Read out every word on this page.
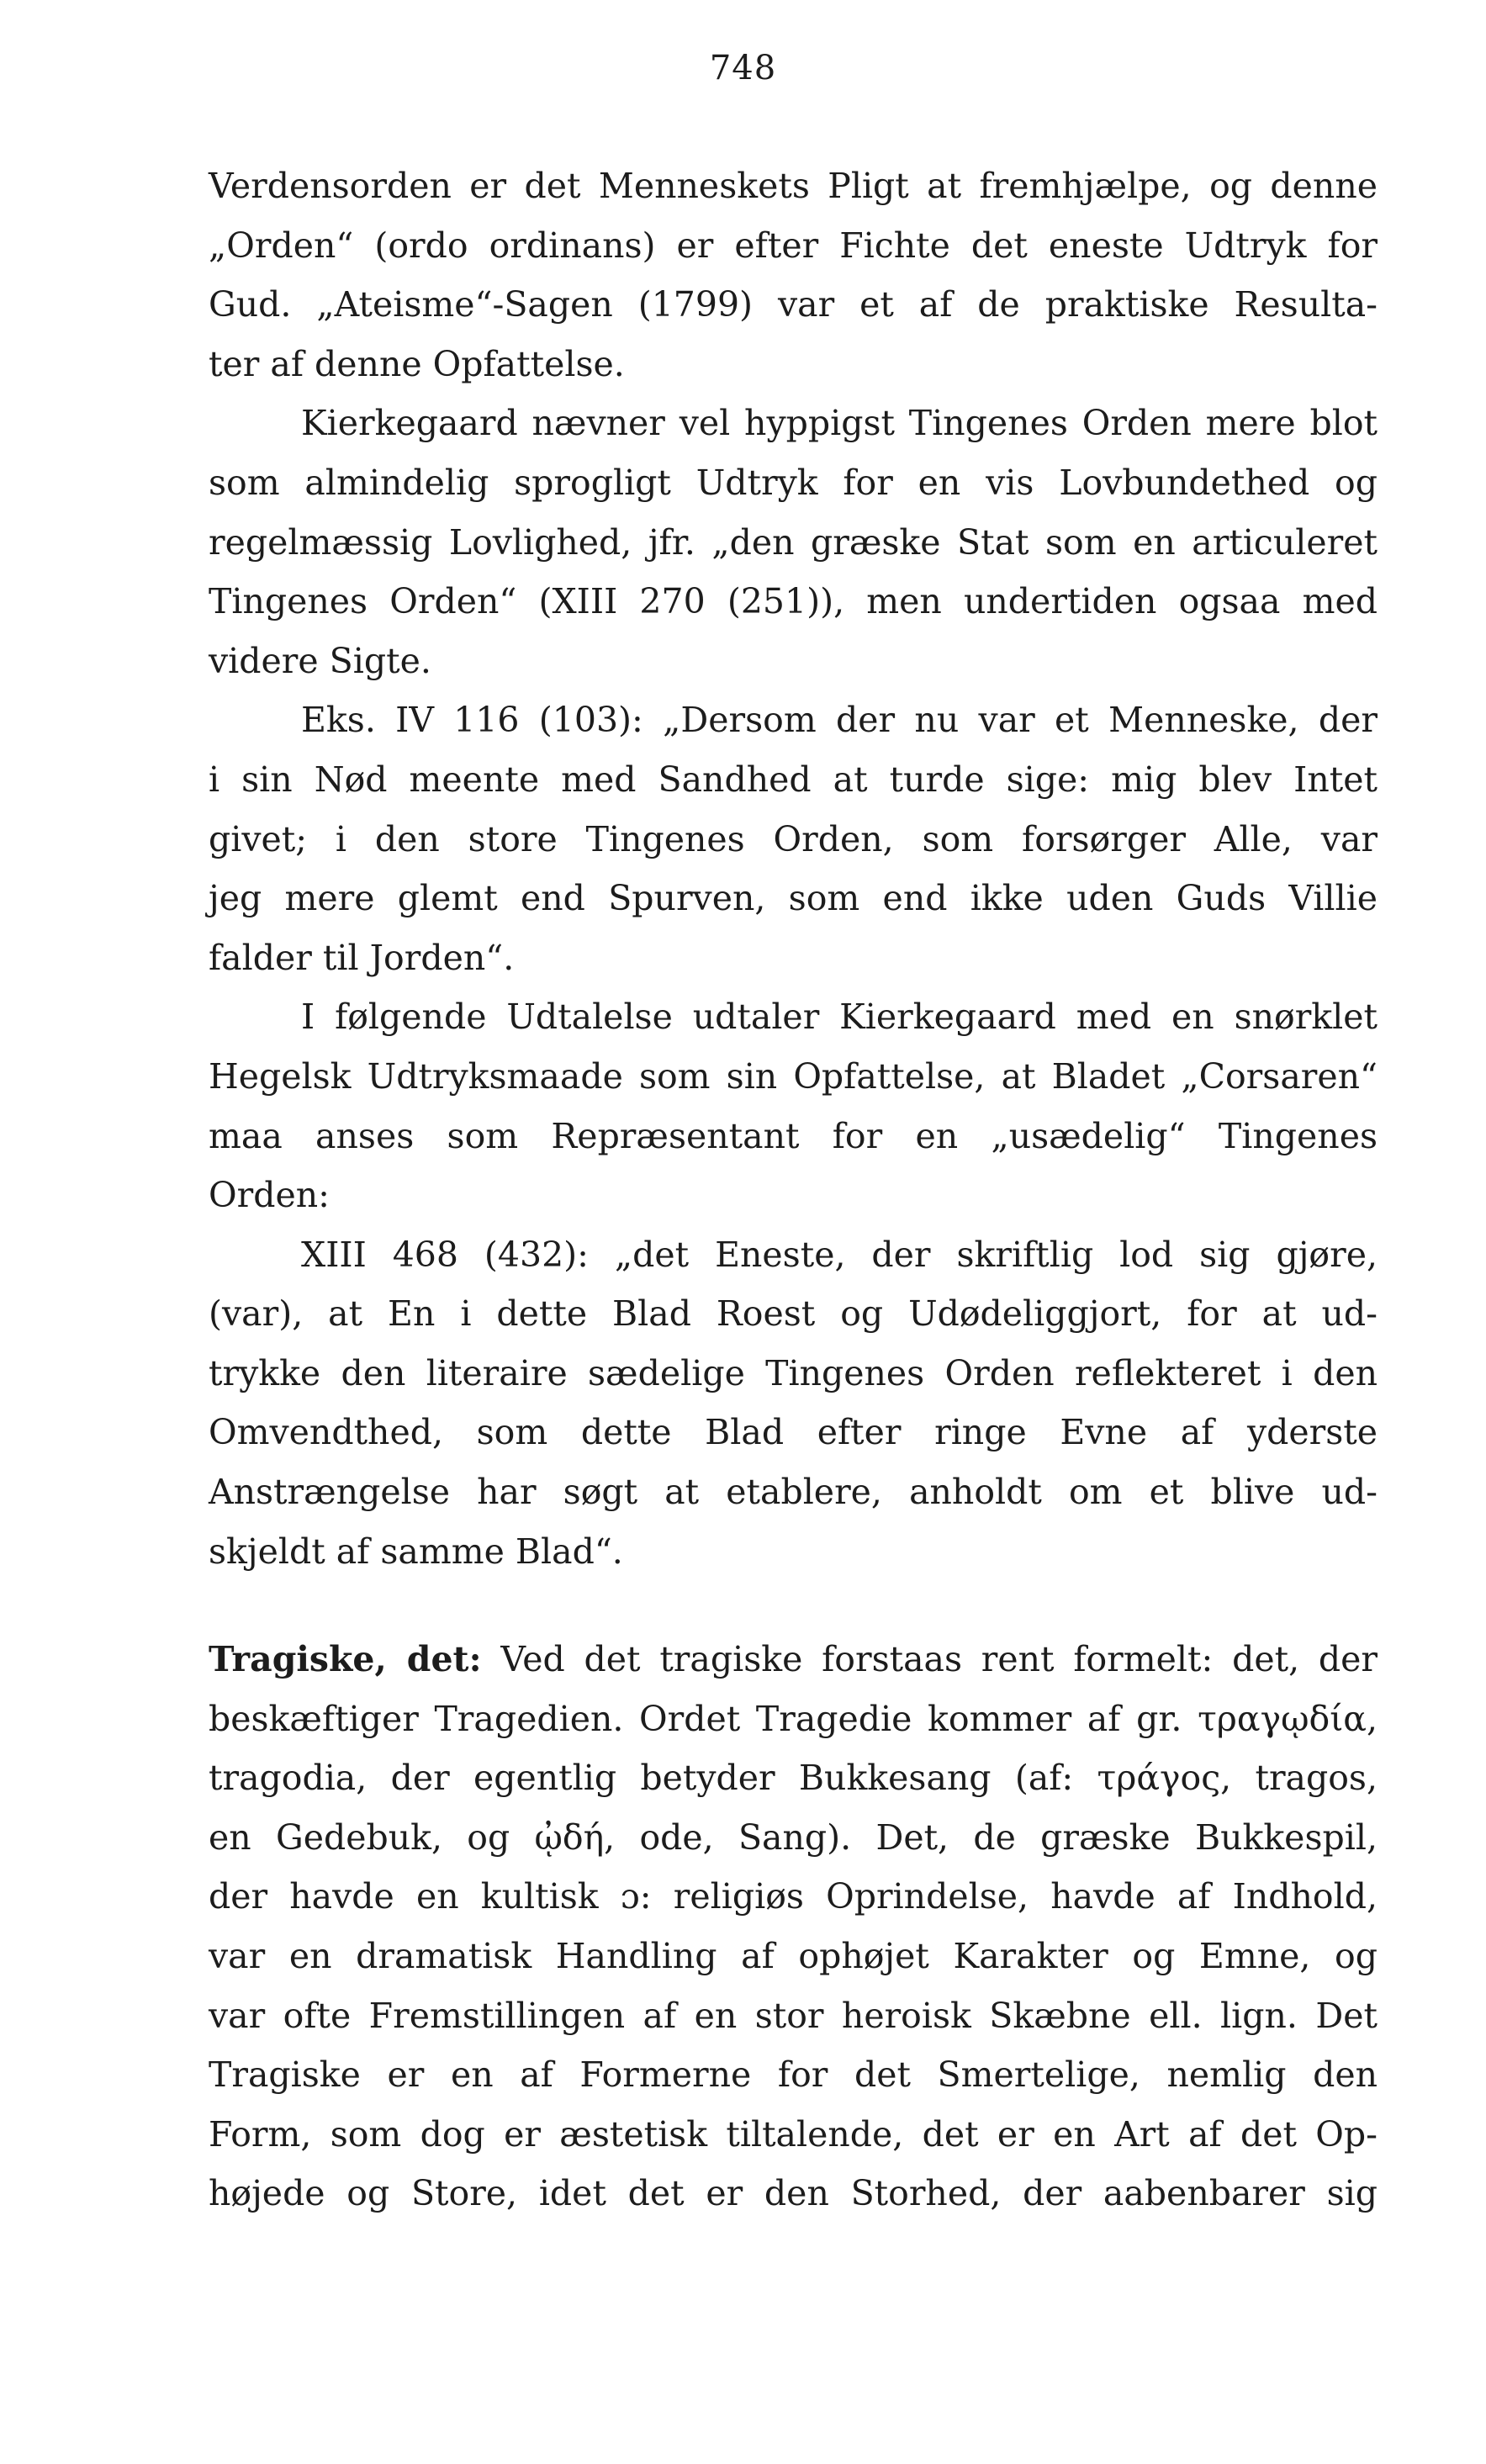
748
Verdensorden er det Menneskets Pligt at fremhjælpe, og denne
„Orden“ (ordo ordinans) er efter Fichte det eneste Udtryk for
Gud. „Ateisme“-Sagen (1799) var et af de praktiske Resulta-
ter af denne Opfattelse.
Kierkegaard nævner vel hyppigst Tingenes Orden mere blot
som almindelig sprogligt Udtryk for en vis Lovbundethed og
regelmæssig Lovlighed, jfr. „den græske Stat som en articuleret
Tingenes Orden“ (XIII 270 (251)), men undertiden ogsaa med
videre Sigte.
Eks. IV 116 (103): „Dersom der nu var et Menneske, der
i sin Nød meente med Sandhed at turde sige: mig blev Intet
givet; i den store Tingenes Orden, som forsørger Alle, var
jeg mere glemt end Spurven, som end ikke uden Guds Villie
falder til Jorden“.
I følgende Udtalelse udtaler Kierkegaard med en snørklet
Hegelsk Udtryksmaade som sin Opfattelse, at Bladet „Corsaren“
maa anses som Repræsentant for en „usædelig“ Tingenes
Orden:
XIII 468 (432): „det Eneste, der skriftlig lod sig gjøre,
(var), at En i dette Blad Roest og Udødeliggjort, for at ud-
trykke den literaire sædelige Tingenes Orden reflekteret i den
Omvendthed, som dette Blad efter ringe Evne af yderste
Anstrængelse har søgt at etablere, anholdt om et blive ud-
skjeldt af samme Blad“.
Tragiske, det: Ved det tragiske forstaas rent formelt: det, der
beskæftiger Tragedien. Ordet Tragedie kommer af gr. τραγῳδία,
tragodia, der egentlig betyder Bukkesang (af: τράγος, tragos,
en Gedebuk, og ᾠδή, ode, Sang). Det, de græske Bukkespil,
der havde en kultisk ɔ: religiøs Oprindelse, havde af Indhold,
var en dramatisk Handling af ophøjet Karakter og Emne, og
var ofte Fremstillingen af en stor heroisk Skæbne ell. lign. Det
Tragiske er en af Formerne for det Smertelige, nemlig den
Form, som dog er æstetisk tiltalende, det er en Art af det Op-
højede og Store, idet det er den Storhed, der aabenbarer sig
